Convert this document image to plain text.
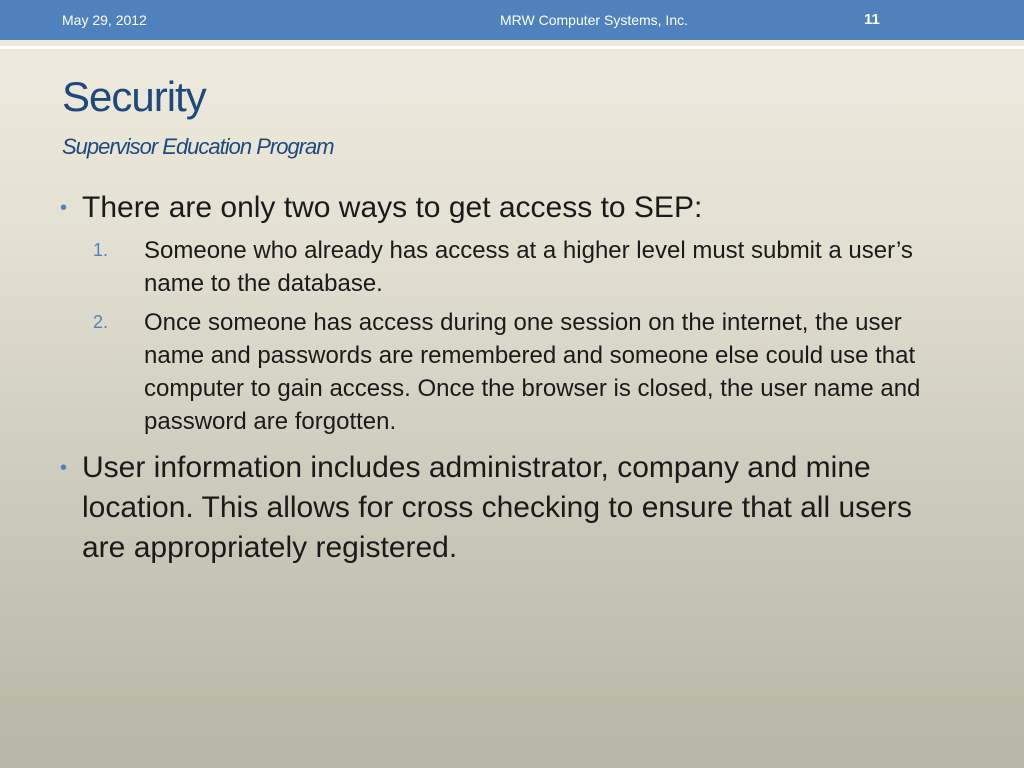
May 29, 2012	MRW Computer Systems, Inc.	11
Security
Supervisor Education Program
• There are only two ways to get access to SEP:
1. Someone who already has access at a higher level must submit a user’s name to the database.
2. Once someone has access during one session on the internet, the user name and passwords are remembered and someone else could use that computer to gain access. Once the browser is closed, the user name and password are forgotten.
• User information includes administrator, company and mine location. This allows for cross checking to ensure that all users are appropriately registered.
